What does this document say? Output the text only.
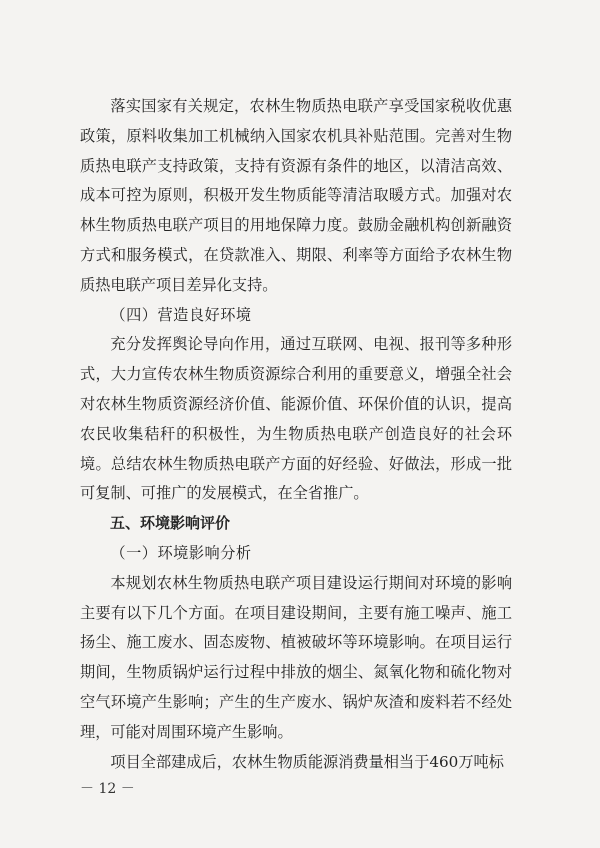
落实国家有关规定，农林生物质热电联产享受国家税收优惠政策，原料收集加工机械纳入国家农机具补贴范围。完善对生物质热电联产支持政策，支持有资源有条件的地区，以清洁高效、成本可控为原则，积极开发生物质能等清洁取暖方式。加强对农林生物质热电联产项目的用地保障力度。鼓励金融机构创新融资方式和服务模式，在贷款准入、期限、利率等方面给予农林生物质热电联产项目差异化支持。

（四）营造良好环境

充分发挥舆论导向作用，通过互联网、电视、报刊等多种形式，大力宣传农林生物质资源综合利用的重要意义，增强全社会对农林生物质资源经济价值、能源价值、环保价值的认识，提高农民收集秸秆的积极性，为生物质热电联产创造良好的社会环境。总结农林生物质热电联产方面的好经验、好做法，形成一批可复制、可推广的发展模式，在全省推广。

五、环境影响评价

（一）环境影响分析

本规划农林生物质热电联产项目建设运行期间对环境的影响主要有以下几个方面。在项目建设期间，主要有施工噪声、施工扬尘、施工废水、固态废物、植被破坏等环境影响。在项目运行期间，生物质锅炉运行过程中排放的烟尘、氮氧化物和硫化物对空气环境产生影响；产生的生产废水、锅炉灰渣和废料若不经处理，可能对周围环境产生影响。

项目全部建成后，农林生物质能源消费量相当于460万吨标

－ 12 －
